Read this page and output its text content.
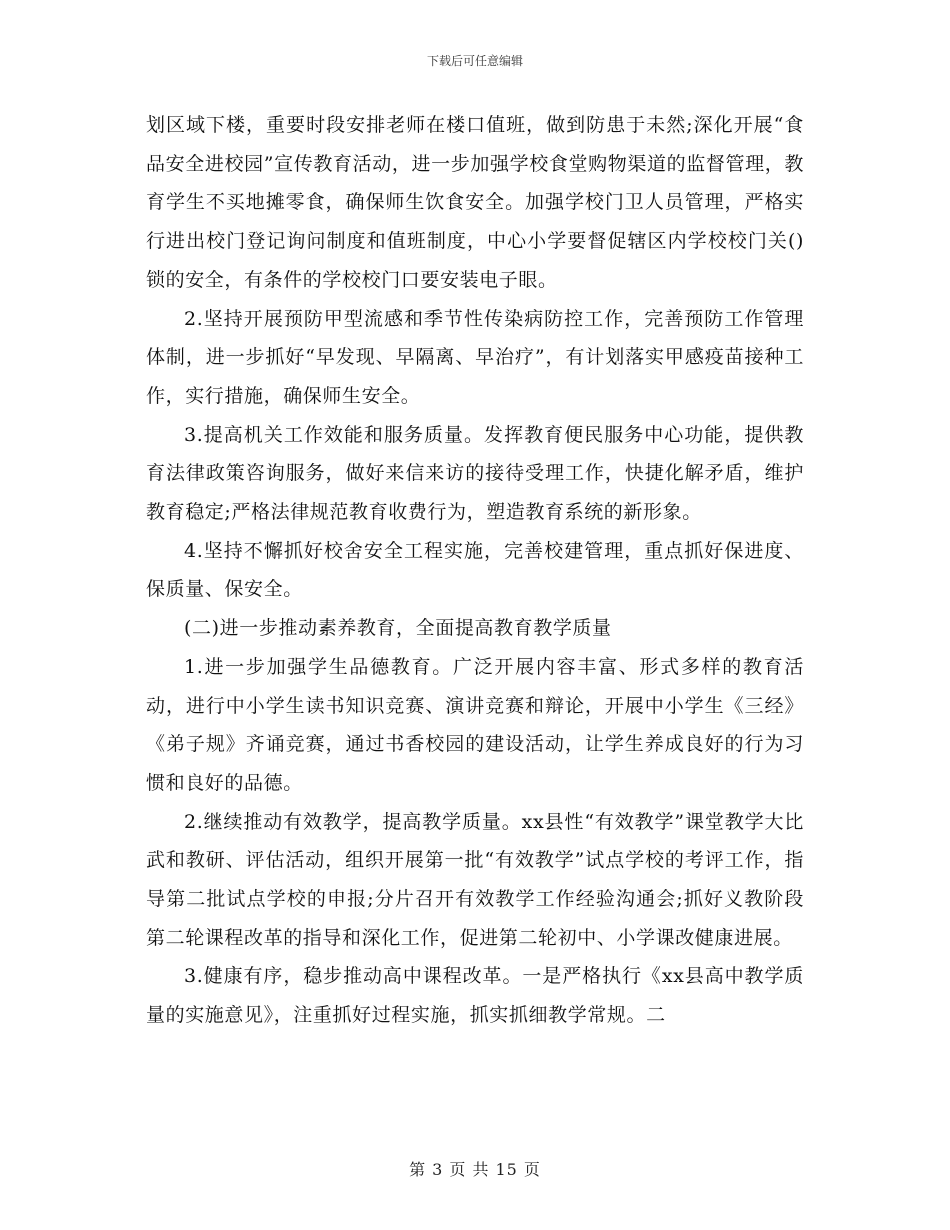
下载后可任意编辑

划区域下楼，重要时段安排老师在楼口值班，做到防患于未然;深化开展“食品安全进校园”宣传教育活动，进一步加强学校食堂购物渠道的监督管理，教育学生不买地摊零食，确保师生饮食安全。加强学校门卫人员管理，严格实行进出校门登记询问制度和值班制度，中心小学要督促辖区内学校校门关()锁的安全，有条件的学校校门口要安装电子眼。

2.坚持开展预防甲型流感和季节性传染病防控工作，完善预防工作管理体制，进一步抓好“早发现、早隔离、早治疗”，有计划落实甲感疫苗接种工作，实行措施，确保师生安全。

3.提高机关工作效能和服务质量。发挥教育便民服务中心功能，提供教育法律政策咨询服务，做好来信来访的接待受理工作，快捷化解矛盾，维护教育稳定;严格法律规范教育收费行为，塑造教育系统的新形象。

4.坚持不懈抓好校舍安全工程实施，完善校建管理，重点抓好保进度、保质量、保安全。

(二)进一步推动素养教育，全面提高教育教学质量

1.进一步加强学生品德教育。广泛开展内容丰富、形式多样的教育活动，进行中小学生读书知识竞赛、演讲竞赛和辩论，开展中小学生《三经》《弟子规》齐诵竞赛，通过书香校园的建设活动，让学生养成良好的行为习惯和良好的品德。

2.继续推动有效教学，提高教学质量。xx县性“有效教学”课堂教学大比武和教研、评估活动，组织开展第一批“有效教学”试点学校的考评工作，指导第二批试点学校的申报;分片召开有效教学工作经验沟通会;抓好义教阶段第二轮课程改革的指导和深化工作，促进第二轮初中、小学课改健康进展。

3.健康有序，稳步推动高中课程改革。一是严格执行《xx县高中教学质量的实施意见》，注重抓好过程实施，抓实抓细教学常规。二

第 3 页 共 15 页
